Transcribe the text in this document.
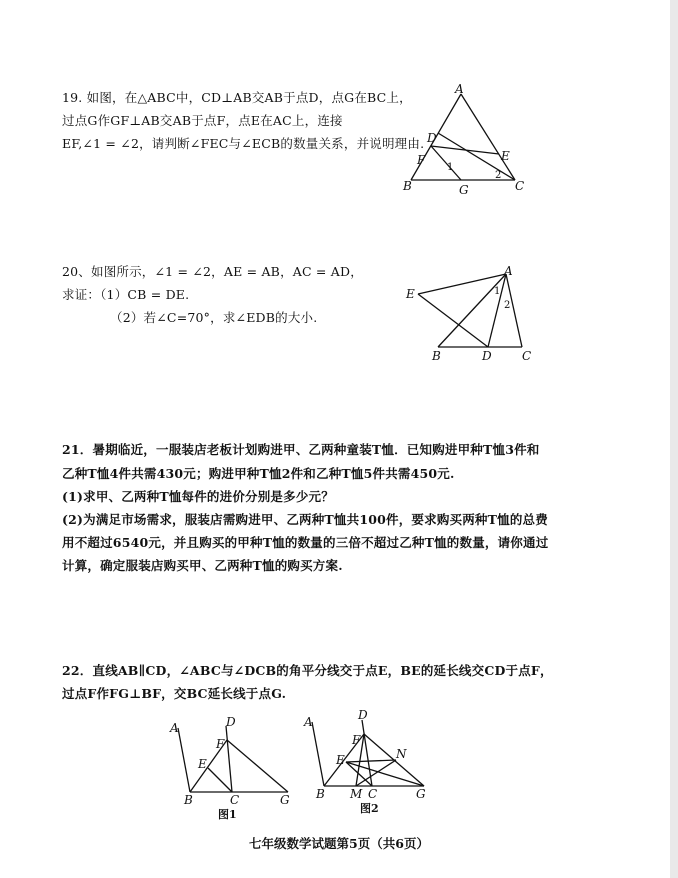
19. 如图，在△ABC中，CD⊥AB交AB于点D，点G在BC上，
过点G作GF⊥AB交AB于点F，点E在AC上，连接
EF,∠1 = ∠2，请判断∠FEC与∠ECB的数量关系，并说明理由.
A
B	C
D
E
F
G
1
2
20、如图所示，∠1 = ∠2，AE = AB，AC = AD，
求证：（1）CB = DE.
（2）若∠C=70°，求∠EDB的大小.
A
B	C
D
E	1
2
21．暑期临近，一服装店老板计划购进甲、乙两种童装T恤．已知购进甲种T恤3件和
乙种T恤4件共需430元；购进甲种T恤2件和乙种T恤5件共需450元.
(1)求甲、乙两种T恤每件的进价分别是多少元？
(2)为满足市场需求，服装店需购进甲、乙两种T恤共100件，要求购买两种T恤的总费
用不超过6540元，并且购买的甲种T恤的数量的三倍不超过乙种T恤的数量，请你通过
计算，确定服装店购买甲、乙两种T恤的购买方案.
22．直线AB∥CD，∠ABC与∠DCB的角平分线交于点E，BE的延长线交CD于点F，
过点F作FG⊥BF，交BC延长线于点G.
A
B	C
D
E
F
G
图1
A
B	C
D
E
F
G
M
N
图2
七年级数学试题第5页（共6页）
